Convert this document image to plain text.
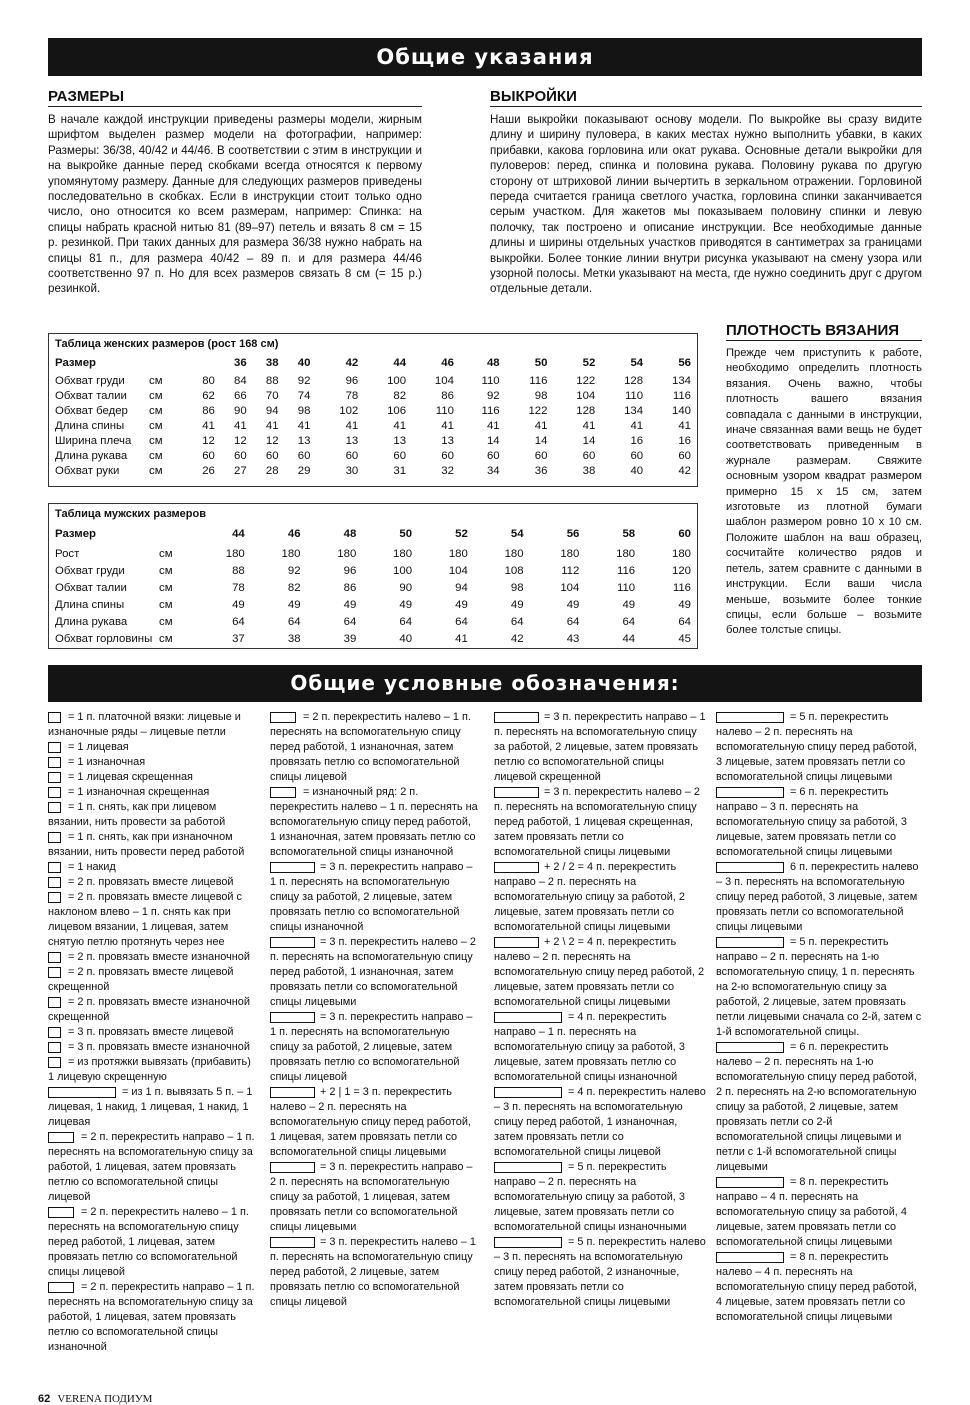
Общие указания
РАЗМЕРЫ
В начале каждой инструкции приведены размеры модели, жирным шрифтом выделен размер модели на фотографии, например: Размеры: 36/38, 40/42 и 44/46. В соответствии с этим в инструкции и на выкройке данные перед скобками всегда относятся к первому упомянутому размеру. Данные для следующих размеров приведены последовательно в скобках. Если в инструкции стоит только одно число, оно относится ко всем размерам, например: Спинка: на спицы набрать красной нитью 81 (89–97) петель и вязать 8 см = 15 р. резинкой. При таких данных для размера 36/38 нужно набрать на спицы 81 п., для размера 40/42 – 89 п. и для размера 44/46 соответственно 97 п. Но для всех размеров связать 8 см (= 15 р.) резинкой.
ВЫКРОЙКИ
Наши выкройки показывают основу модели. По выкройке вы сразу видите длину и ширину пуловера, в каких местах нужно выполнить убавки, в каких прибавки, какова горловина или окат рукава. Основные детали выкройки для пуловеров: перед, спинка и половина рукава. Половину рукава по другую сторону от штриховой линии вычертить в зеркальном отражении. Горловиной переда считается граница светлого участка, горловина спинки заканчивается серым участком. Для жакетов мы показываем половину спинки и левую полочку, так построено и описание инструкции. Все необходимые данные длины и ширины отдельных участков приводятся в сантиметрах за границами выкройки. Более тонкие линии внутри рисунка указывают на смену узора или узорной полосы. Метки указывают на места, где нужно соединить друг с другом отдельные детали.
Таблица женских размеров (рост 168 см)
Размер			36	38	40	42	44	46	48	50	52	54	56
Обхват груди	см	80	84	88	92	96	100	104	110	116	122	128	134
Обхват талии	см	62	66	70	74	78	82	86	92	98	104	110	116
Обхват бедер	см	86	90	94	98	102	106	110	116	122	128	134	140
Длина спины	см	41	41	41	41	41	41	41	41	41	41	41	41
Ширина плеча	см	12	12	12	13	13	13	13	14	14	14	16	16
Длина рукава	см	60	60	60	60	60	60	60	60	60	60	60	60
Обхват руки	см	26	27	28	29	30	31	32	34	36	38	40	42
Таблица мужских размеров
Размер		44	46	48	50	52	54	56	58	60
Рост	см	180	180	180	180	180	180	180	180	180
Обхват груди	см	88	92	96	100	104	108	112	116	120
Обхват талии	см	78	82	86	90	94	98	104	110	116
Длина спины	см	49	49	49	49	49	49	49	49	49
Длина рукава	см	64	64	64	64	64	64	64	64	64
Обхват горловины	см	37	38	39	40	41	42	43	44	45
ПЛОТНОСТЬ ВЯЗАНИЯ
Прежде чем приступить к работе, необходимо определить плотность вязания. Очень важно, чтобы плотность вашего вязания совпадала с данными в инструкции, иначе связанная вами вещь не будет соответствовать приведенным в журнале размерам. Свяжите основным узором квадрат размером примерно 15 х 15 см, затем изготовьте из плотной бумаги шаблон размером ровно 10 х 10 см. Положите шаблон на ваш образец, сосчитайте количество рядов и петель, затем сравните с данными в инструкции. Если ваши числа меньше, возьмите более тонкие спицы, если больше – возьмите более толстые спицы.
Общие условные обозначения:
= 1 п. платочной вязки: лицевые и изнаночные ряды – лицевые петли
= 1 лицевая
= 1 изнаночная
= 1 лицевая скрещенная
= 1 изнаночная скрещенная
= 1 п. снять, как при лицевом вязании, нить провести за работой
= 1 п. снять, как при изнаночном вязании, нить провести перед работой
= 1 накид
= 2 п. провязать вместе лицевой
= 2 п. провязать вместе лицевой с наклоном влево – 1 п. снять как при лицевом вязании, 1 лицевая, затем снятую петлю протянуть через нее
= 2 п. провязать вместе изнаночной
= 2 п. провязать вместе лицевой скрещенной
= 2 п. провязать вместе изнаночной скрещенной
= 3 п. провязать вместе лицевой
= 3 п. провязать вместе изнаночной
= из протяжки вывязать (прибавить) 1 лицевую скрещенную
= из 1 п. вывязать 5 п. – 1 лицевая, 1 накид, 1 лицевая, 1 накид, 1 лицевая
= 2 п. перекрестить направо – 1 п. переснять на вспомогательную спицу за работой, 1 лицевая, затем провязать петлю со вспомогательной спицы лицевой
= 2 п. перекрестить налево – 1 п. переснять на вспомогательную спицу перед работой, 1 лицевая, затем провязать петлю со вспомогательной спицы лицевой
= 2 п. перекрестить направо – 1 п. переснять на вспомогательную спицу за работой, 1 лицевая, затем провязать петлю со вспомогательной спицы изнаночной
= 2 п. перекрестить налево – 1 п. переснять на вспомогательную спицу перед работой, 1 изнаночная, затем провязать петлю со вспомогательной спицы лицевой
= изнаночный ряд: 2 п. перекрестить налево – 1 п. переснять на вспомогательную спицу перед работой, 1 изнаночная, затем провязать петлю со вспомогательной спицы изнаночной
= 3 п. перекрестить направо – 1 п. переснять на вспомогательную спицу за работой, 2 лицевые, затем провязать петлю со вспомогательной спицы изнаночной
= 3 п. перекрестить налево – 2 п. переснять на вспомогательную спицу перед работой, 1 изнаночная, затем провязать петли со вспомогательной спицы лицевыми
= 3 п. перекрестить направо – 1 п. переснять на вспомогательную спицу за работой, 2 лицевые, затем провязать петлю со вспомогательной спицы лицевой
+ 2 | 1 = 3 п. перекрестить налево – 2 п. переснять на вспомогательную спицу перед работой, 1 лицевая, затем провязать петли со вспомогательной спицы лицевыми
= 3 п. перекрестить направо – 2 п. переснять на вспомогательную спицу за работой, 1 лицевая, затем провязать петли со вспомогательной спицы лицевыми
= 3 п. перекрестить налево – 1 п. переснять на вспомогательную спицу перед работой, 2 лицевые, затем провязать петлю со вспомогательной спицы лицевой
= 3 п. перекрестить направо – 1 п. переснять на вспомогательную спицу за работой, 2 лицевые, затем провязать петлю со вспомогательной спицы лицевой скрещенной
= 3 п. перекрестить налево – 2 п. переснять на вспомогательную спицу перед работой, 1 лицевая скрещенная, затем провязать петли со вспомогательной спицы лицевыми
+ 2 / 2 = 4 п. перекрестить направо – 2 п. переснять на вспомогательную спицу за работой, 2 лицевые, затем провязать петли со вспомогательной спицы лицевыми
+ 2 \ 2 = 4 п. перекрестить налево – 2 п. переснять на вспомогательную спицу перед работой, 2 лицевые, затем провязать петли со вспомогательной спицы лицевыми
= 4 п. перекрестить направо – 1 п. переснять на вспомогательную спицу за работой, 3 лицевые, затем провязать петлю со вспомогательной спицы изнаночной
= 4 п. перекрестить налево – 3 п. переснять на вспомогательную спицу перед работой, 1 изнаночная, затем провязать петли со вспомогательной спицы лицевой
= 5 п. перекрестить направо – 2 п. переснять на вспомогательную спицу за работой, 3 лицевые, затем провязать петли со вспомогательной спицы изнаночными
= 5 п. перекрестить налево – 3 п. переснять на вспомогательную спицу перед работой, 2 изнаночные, затем провязать петли со вспомогательной спицы лицевыми
= 5 п. перекрестить налево – 2 п. переснять на вспомогательную спицу перед работой, 3 лицевые, затем провязать петли со вспомогательной спицы лицевыми
= 6 п. перекрестить направо – 3 п. переснять на вспомогательную спицу за работой, 3 лицевые, затем провязать петли со вспомогательной спицы лицевыми
6 п. перекрестить налево – 3 п. переснять на вспомогательную спицу перед работой, 3 лицевые, затем провязать петли со вспомогательной спицы лицевыми
= 5 п. перекрестить направо – 2 п. переснять на 1-ю вспомогательную спицу, 1 п. переснять на 2-ю вспомогательную спицу за работой, 2 лицевые, затем провязать петли лицевыми сначала со 2-й, затем с 1-й вспомогательной спицы.
= 6 п. перекрестить налево – 2 п. переснять на 1-ю вспомогательную спицу перед работой, 2 п. переснять на 2-ю вспомогательную спицу за работой, 2 лицевые, затем провязать петли со 2-й вспомогательной спицы лицевыми и петли с 1-й вспомогательной спицы лицевыми
= 8 п. перекрестить направо – 4 п. переснять на вспомогательную спицу за работой, 4 лицевые, затем провязать петли со вспомогательной спицы лицевыми
= 8 п. перекрестить налево – 4 п. переснять на вспомогательную спицу перед работой, 4 лицевые, затем провязать петли со вспомогательной спицы лицевыми
62 VERENA ПОДИУМ
